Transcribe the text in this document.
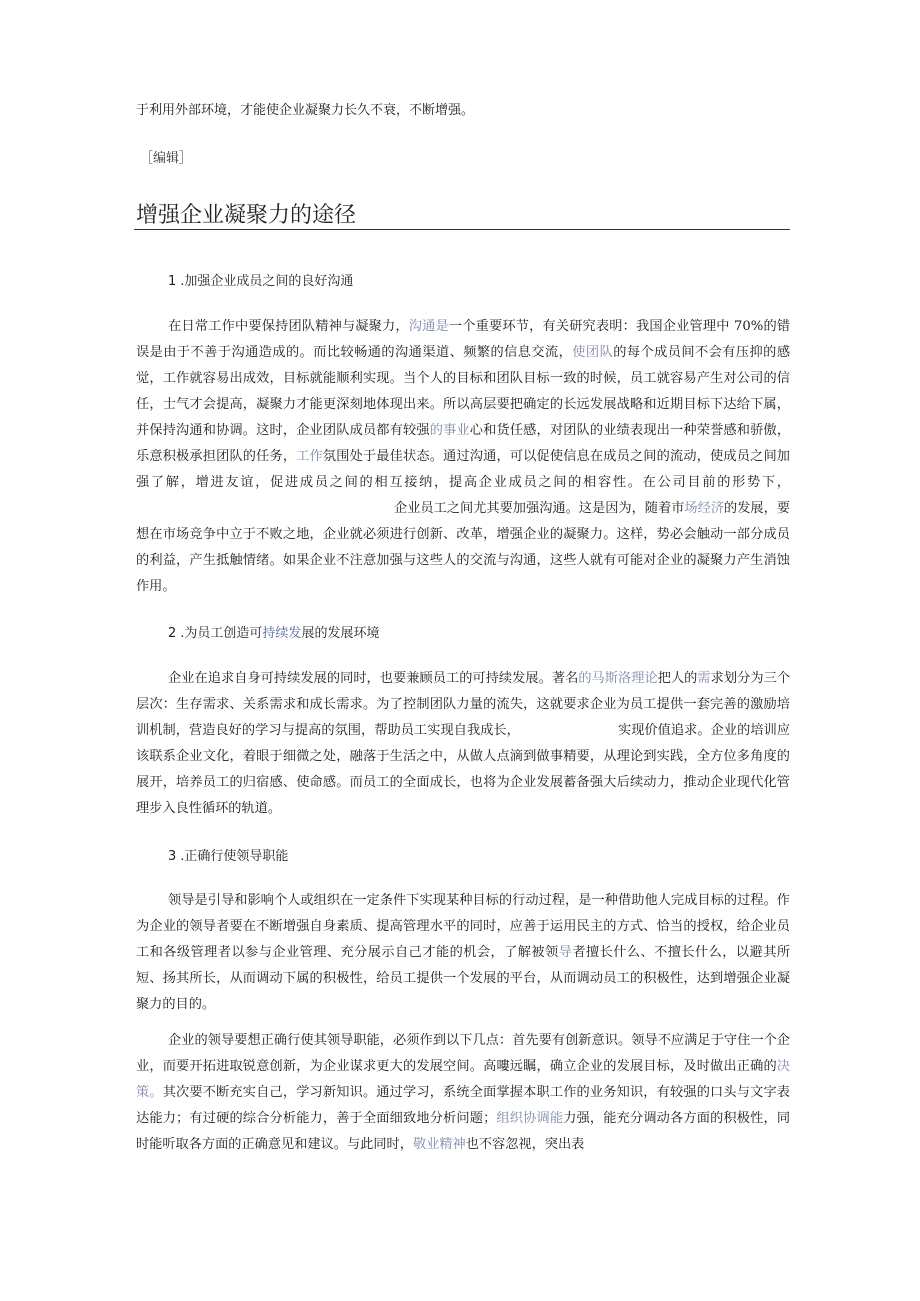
于利用外部环境，才能使企业凝聚力长久不衰，不断增强。
［编辑］
增强企业凝聚力的途径
1 .加强企业成员之间的良好沟通
在日常工作中要保持团队精神与凝聚力，沟通是一个重要环节，有关研究表明：我国企业管理中 70%的错误是由于不善于沟通造成的。而比较畅通的沟通渠道、频繁的信息交流，使团队的每个成员间不会有压抑的感觉，工作就容易出成效，目标就能顺利实现。当个人的目标和团队目标一致的时候，员工就容易产生对公司的信任，士气才会提高，凝聚力才能更深刻地体现出来。所以高层要把确定的长远发展战略和近期目标下达给下属，并保持沟通和协调。这时，企业团队成员都有较强的事业心和货任感，对团队的业绩表现出一种荣誉感和骄傲，乐意积极承担团队的任务，工作氛围处于最佳状态。通过沟通，可以促使信息在成员之间的流动，使成员之间加强了解，增进友谊，促进成员之间的相互接纳，提高企业成员之间的相容性。在公司目前的形势下，企业员工之间尤其要加强沟通。这是因为，随着市场经济的发展，要想在市场竞争中立于不败之地，企业就必须进行创新、改革，增强企业的凝聚力。这样，势必会触动一部分成员的利益，产生抵触情绪。如果企业不注意加强与这些人的交流与沟通，这些人就有可能对企业的凝聚力产生消蚀作用。
2 .为员工创造可持续发展的发展环境
企业在追求自身可持续发展的同时，也要兼顾员工的可持续发展。著名的马斯洛理论把人的需求划分为三个层次：生存需求、关系需求和成长需求。为了控制团队力量的流失，这就要求企业为员工提供一套完善的激励培训机制，营造良好的学习与提高的氛围，帮助员工实现自我成长，	实现价值追求。企业的培训应该联系企业文化，着眼于细微之处，融落于生活之中，从做人点滴到做事精要，从理论到实践，全方位多角度的展开，培养员工的归宿感、使命感。而员工的全面成长，也将为企业发展蓄备强大后续动力，推动企业现代化管理步入良性循环的轨道。
3 .正确行使领导职能
领导是引导和影响个人或组织在一定条件下实现某种目标的行动过程，是一种借助他人完成目标的过程。作为企业的领导者要在不断增强自身素质、提高管理水平的同时，应善于运用民主的方式、恰当的授权，给企业员工和各级管理者以参与企业管理、充分展示自己才能的机会，了解被领导者擅长什么、不擅长什么，以避其所短、扬其所长，从而调动下属的积极性，给员工提供一个发展的平台，从而调动员工的积极性，达到增强企业凝聚力的目的。
企业的领导要想正确行使其领导职能，必须作到以下几点：首先要有创新意识。领导不应满足于守住一个企业，而要开拓进取锐意创新，为企业谋求更大的发展空间。高嘍远瞩，确立企业的发展目标，及时做出正确的决策。其次要不断充实自己，学习新知识。通过学习，系统全面掌握本职工作的业务知识，有较强的口头与文字表达能力；有过硬的综合分析能力，善于全面细致地分析问题；组织协调能力强，能充分调动各方面的积极性，同时能听取各方面的正确意见和建议。与此同时，敬业精神也不容忽视，突出表
